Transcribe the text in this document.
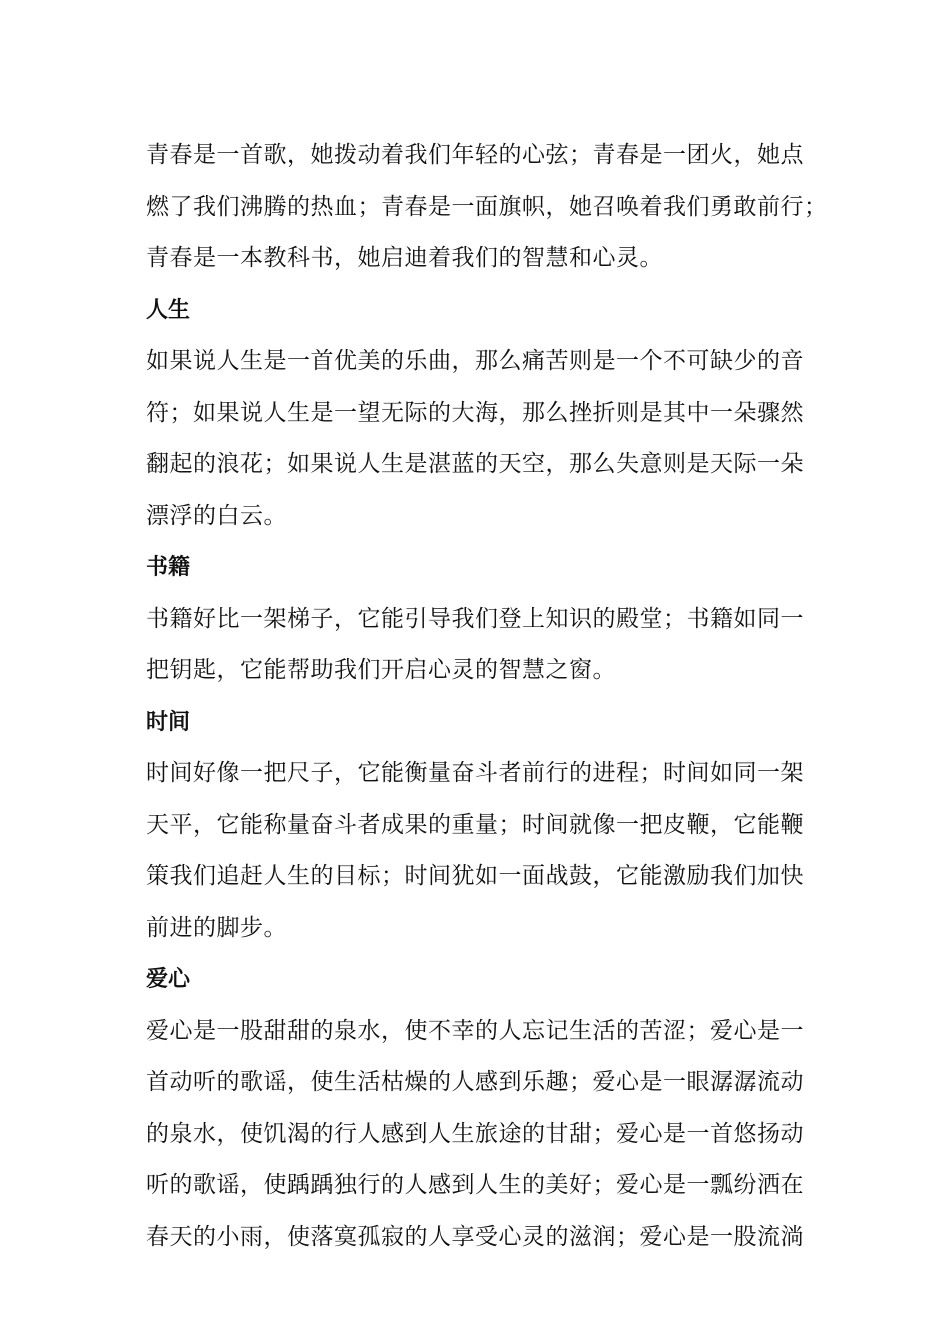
青春是一首歌，她拨动着我们年轻的心弦；青春是一团火，她点
燃了我们沸腾的热血；青春是一面旗帜，她召唤着我们勇敢前行；
青春是一本教科书，她启迪着我们的智慧和心灵。

人生

如果说人生是一首优美的乐曲，那么痛苦则是一个不可缺少的音
符；如果说人生是一望无际的大海，那么挫折则是其中一朵骤然
翻起的浪花；如果说人生是湛蓝的天空，那么失意则是天际一朵
漂浮的白云。

书籍

书籍好比一架梯子，它能引导我们登上知识的殿堂；书籍如同一
把钥匙，它能帮助我们开启心灵的智慧之窗。

时间

时间好像一把尺子，它能衡量奋斗者前行的进程；时间如同一架
天平，它能称量奋斗者成果的重量；时间就像一把皮鞭，它能鞭
策我们追赶人生的目标；时间犹如一面战鼓，它能激励我们加快
前进的脚步。

爱心

爱心是一股甜甜的泉水，使不幸的人忘记生活的苦涩；爱心是一
首动听的歌谣，使生活枯燥的人感到乐趣；爱心是一眼潺潺流动
的泉水，使饥渴的行人感到人生旅途的甘甜；爱心是一首悠扬动
听的歌谣，使踽踽独行的人感到人生的美好；爱心是一瓢纷洒在
春天的小雨，使落寞孤寂的人享受心灵的滋润；爱心是一股流淌
